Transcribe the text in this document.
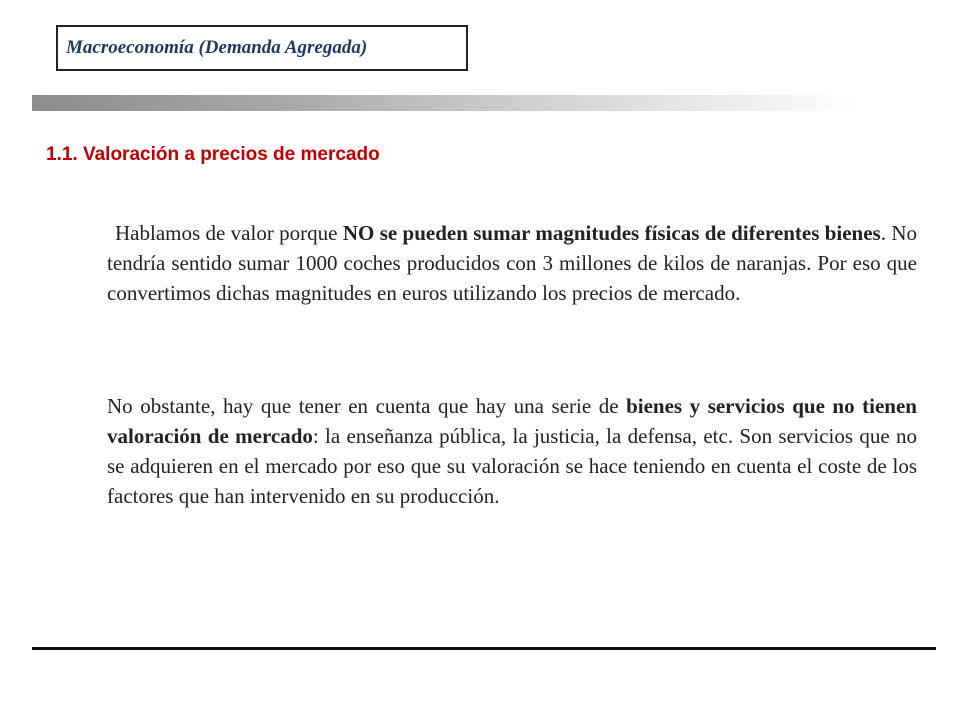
Macroeconomía (Demanda Agregada)
1.1. Valoración a precios de mercado
Hablamos de valor porque NO se pueden sumar magnitudes físicas de diferentes bienes. No tendría sentido sumar 1000 coches producidos con 3 millones de kilos de naranjas. Por eso que convertimos dichas magnitudes en euros utilizando los precios de mercado.
No obstante, hay que tener en cuenta que hay una serie de bienes y servicios que no tienen valoración de mercado: la enseñanza pública, la justicia, la defensa, etc. Son servicios que no se adquieren en el mercado por eso que su valoración se hace teniendo en cuenta el coste de los factores que han intervenido en su producción.
